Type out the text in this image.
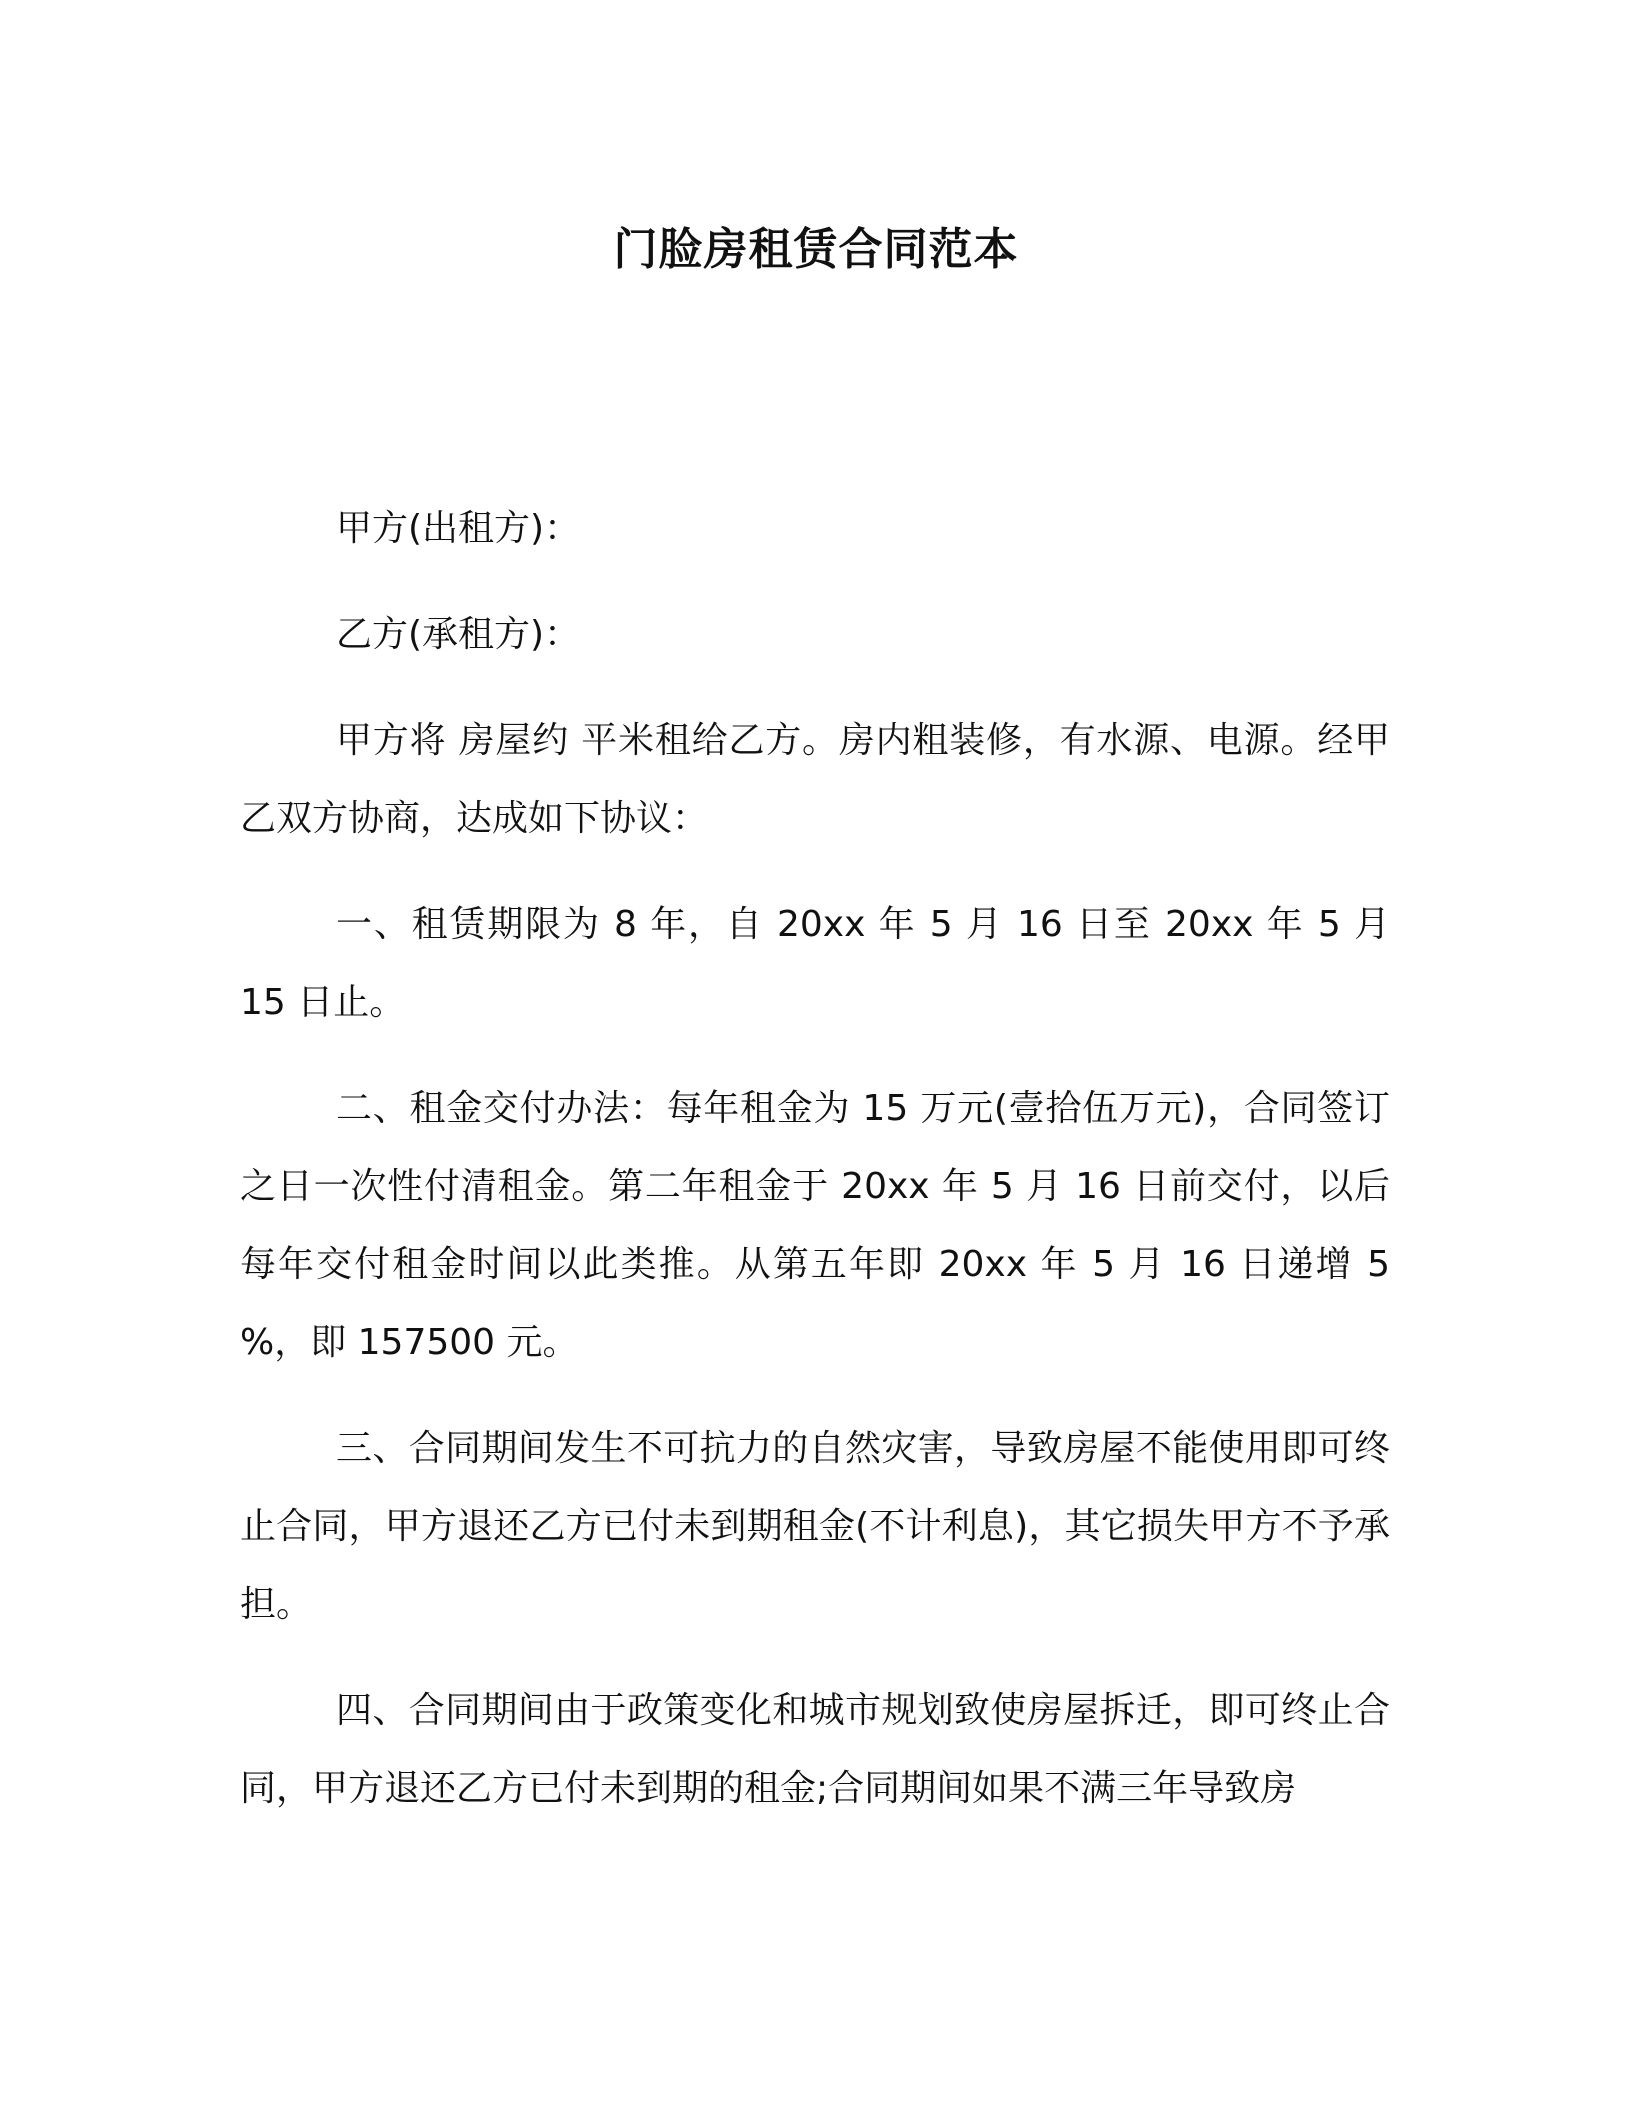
门脸房租赁合同范本

甲方(出租方)：

乙方(承租方)：

甲方将 房屋约 平米租给乙方。房内粗装修，有水源、电源。经甲乙双方协商，达成如下协议：

一、租赁期限为 8 年，自 20xx 年 5 月 16 日至 20xx 年 5 月 15 日止。

二、租金交付办法：每年租金为 15 万元(壹拾伍万元)，合同签订之日一次性付清租金。第二年租金于 20xx 年 5 月 16 日前交付，以后每年交付租金时间以此类推。从第五年即 20xx 年 5 月 16 日递增 5 %，即 157500 元。

三、合同期间发生不可抗力的自然灾害，导致房屋不能使用即可终止合同，甲方退还乙方已付未到期租金(不计利息)，其它损失甲方不予承担。

四、合同期间由于政策变化和城市规划致使房屋拆迁，即可终止合同，甲方退还乙方已付未到期的租金;合同期间如果不满三年导致房
